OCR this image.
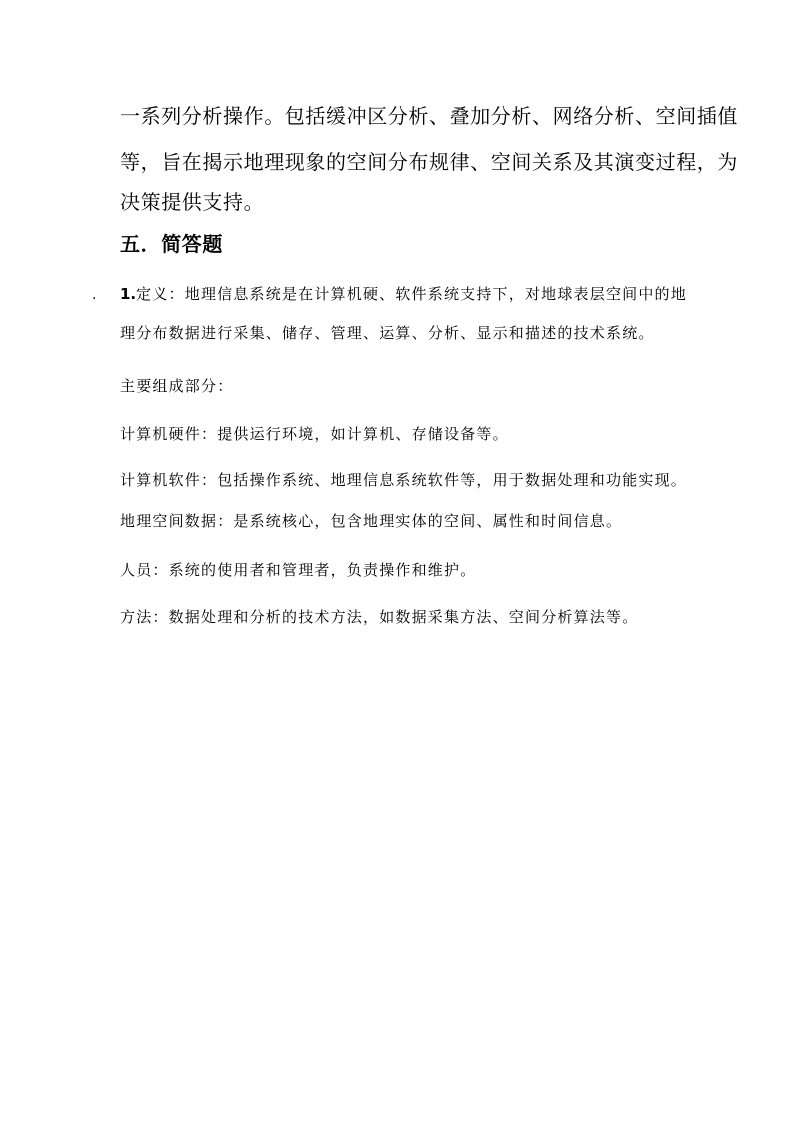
一系列分析操作。包括缓冲区分析、叠加分析、网络分析、空间插值
等，旨在揭示地理现象的空间分布规律、空间关系及其演变过程，为
决策提供支持。
五．简答题
. 1.定义：地理信息系统是在计算机硬、软件系统支持下，对地球表层空间中的地
理分布数据进行采集、储存、管理、运算、分析、显示和描述的技术系统。
主要组成部分：
计算机硬件：提供运行环境，如计算机、存储设备等。
计算机软件：包括操作系统、地理信息系统软件等，用于数据处理和功能实现。
地理空间数据：是系统核心，包含地理实体的空间、属性和时间信息。
人员：系统的使用者和管理者，负责操作和维护。
方法：数据处理和分析的技术方法，如数据采集方法、空间分析算法等。
